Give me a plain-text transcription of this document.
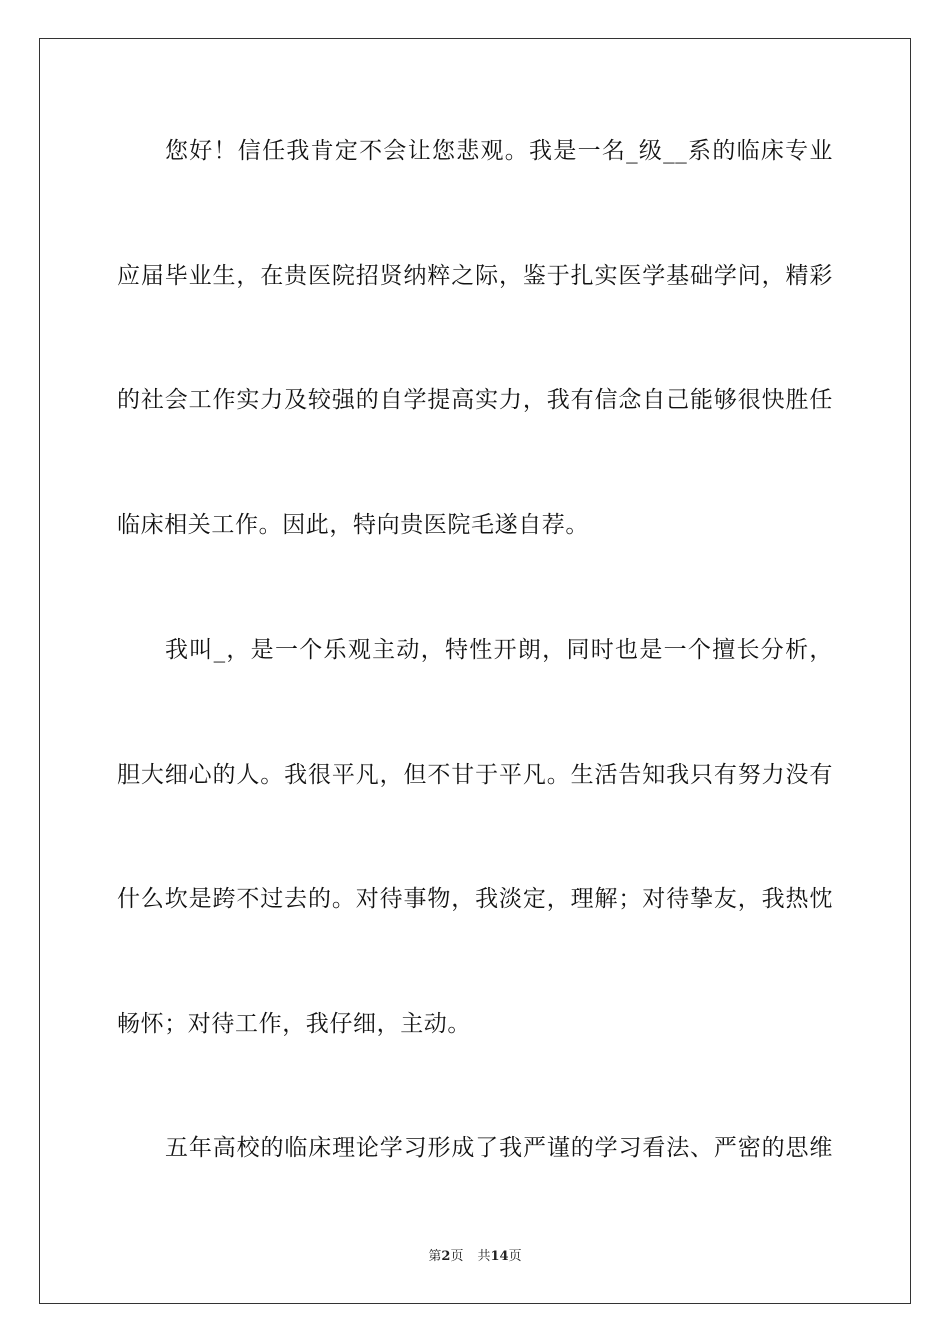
您好！信任我肯定不会让您悲观。我是一名_级__系的临床专业
应届毕业生，在贵医院招贤纳粹之际，鉴于扎实医学基础学问，精彩
的社会工作实力及较强的自学提高实力，我有信念自己能够很快胜任
临床相关工作。因此，特向贵医院毛遂自荐。
我叫_，是一个乐观主动，特性开朗，同时也是一个擅长分析，
胆大细心的人。我很平凡，但不甘于平凡。生活告知我只有努力没有
什么坎是跨不过去的。对待事物，我淡定，理解；对待挚友，我热忱
畅怀；对待工作，我仔细，主动。
五年高校的临床理论学习形成了我严谨的学习看法、严密的思维
第2页 共14页
